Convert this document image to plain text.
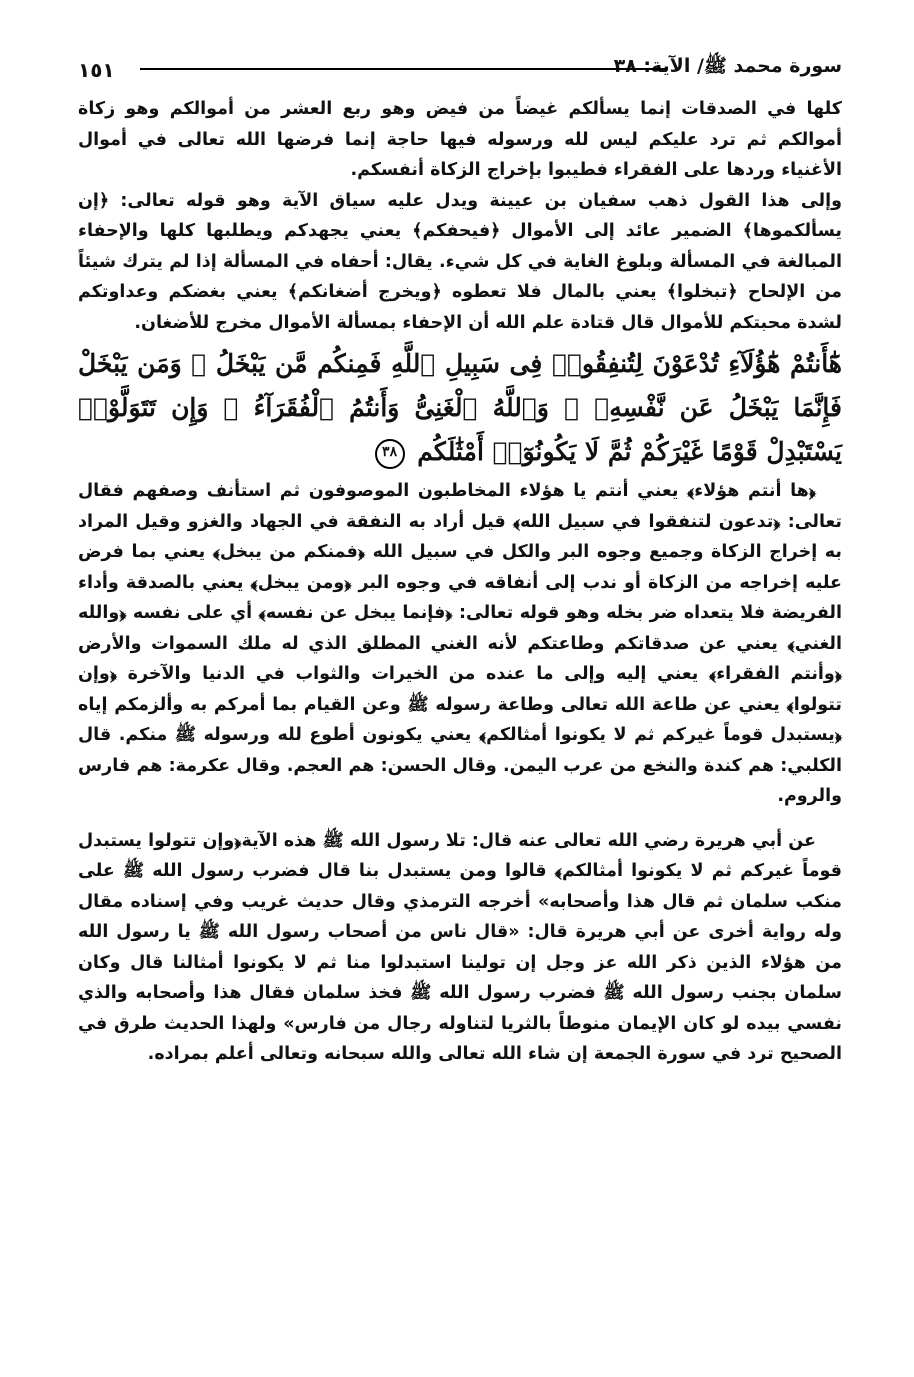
سورة محمد ﷺ/ الآية: ٣٨
١٥١

كلها في الصدقات إنما يسألكم غيضاً من فيض وهو ربع العشر من أموالكم وهو زكاة أموالكم ثم ترد عليكم ليس لله ورسوله فيها حاجة إنما فرضها الله تعالى في أموال الأغنياء وردها على الفقراء فطيبوا بإخراج الزكاة أنفسكم.

وإلى هذا القول ذهب سفيان بن عيينة ويدل عليه سياق الآية وهو قوله تعالى: ﴿إن يسألكموها﴾ الضمير عائد إلى الأموال ﴿فيحفكم﴾ يعني يجهدكم ويطلبها كلها والإحفاء المبالغة في المسألة وبلوغ الغاية في كل شيء. يقال: أحفاه في المسألة إذا لم يترك شيئاً من الإلحاح ﴿تبخلوا﴾ يعني بالمال فلا تعطوه ﴿ويخرج أضغانكم﴾ يعني بغضكم وعداوتكم لشدة محبتكم للأموال قال قتادة علم الله أن الإحفاء بمسألة الأموال مخرج للأضغان.

هَٰٓأَنتُمْ هَٰٓؤُلَآءِ تُدْعَوْنَ لِتُنفِقُوا۟ فِى سَبِيلِ ٱللَّهِ فَمِنكُم مَّن يَبْخَلُ ۖ وَمَن يَبْخَلْ فَإِنَّمَا يَبْخَلُ عَن نَّفْسِهِۦ ۚ وَٱللَّهُ ٱلْغَنِىُّ وَأَنتُمُ ٱلْفُقَرَآءُ ۚ وَإِن تَتَوَلَّوْا۟ يَسْتَبْدِلْ قَوْمًا غَيْرَكُمْ ثُمَّ لَا يَكُونُوٓا۟ أَمْثَٰلَكُم ٣٨

﴿ها أنتم هؤلاء﴾ يعني أنتم يا هؤلاء المخاطبون الموصوفون ثم استأنف وصفهم فقال تعالى: ﴿تدعون لتنفقوا في سبيل الله﴾ قيل أراد به النفقة في الجهاد والغزو وقيل المراد به إخراج الزكاة وجميع وجوه البر والكل في سبيل الله ﴿فمنكم من يبخل﴾ يعني بما فرض عليه إخراجه من الزكاة أو ندب إلى أنفاقه في وجوه البر ﴿ومن يبخل﴾ يعني بالصدقة وأداء الفريضة فلا يتعداه ضر بخله وهو قوله تعالى: ﴿فإنما يبخل عن نفسه﴾ أي على نفسه ﴿والله الغني﴾ يعني عن صدقاتكم وطاعتكم لأنه الغني المطلق الذي له ملك السموات والأرض ﴿وأنتم الفقراء﴾ يعني إليه وإلى ما عنده من الخيرات والثواب في الدنيا والآخرة ﴿وإن تتولوا﴾ يعني عن طاعة الله تعالى وطاعة رسوله ﷺ وعن القيام بما أمركم به وألزمكم إياه ﴿يستبدل قوماً غيركم ثم لا يكونوا أمثالكم﴾ يعني يكونون أطوع لله ورسوله ﷺ منكم. قال الكلبي: هم كندة والنخع من عرب اليمن. وقال الحسن: هم العجم. وقال عكرمة: هم فارس والروم.

عن أبي هريرة رضي الله تعالى عنه قال: تلا رسول الله ﷺ هذه الآية﴿وإن تتولوا يستبدل قوماً غيركم ثم لا يكونوا أمثالكم﴾ قالوا ومن يستبدل بنا قال فضرب رسول الله ﷺ على منكب سلمان ثم قال هذا وأصحابه» أخرجه الترمذي وقال حديث غريب وفي إسناده مقال وله رواية أخرى عن أبي هريرة قال: «قال ناس من أصحاب رسول الله ﷺ يا رسول الله من هؤلاء الذين ذكر الله عز وجل إن تولينا استبدلوا منا ثم لا يكونوا أمثالنا قال وكان سلمان بجنب رسول الله ﷺ فضرب رسول الله ﷺ فخذ سلمان فقال هذا وأصحابه والذي نفسي بيده لو كان الإيمان منوطاً بالثريا لتناوله رجال من فارس» ولهذا الحديث طرق في الصحيح ترد في سورة الجمعة إن شاء الله تعالى والله سبحانه وتعالى أعلم بمراده.
